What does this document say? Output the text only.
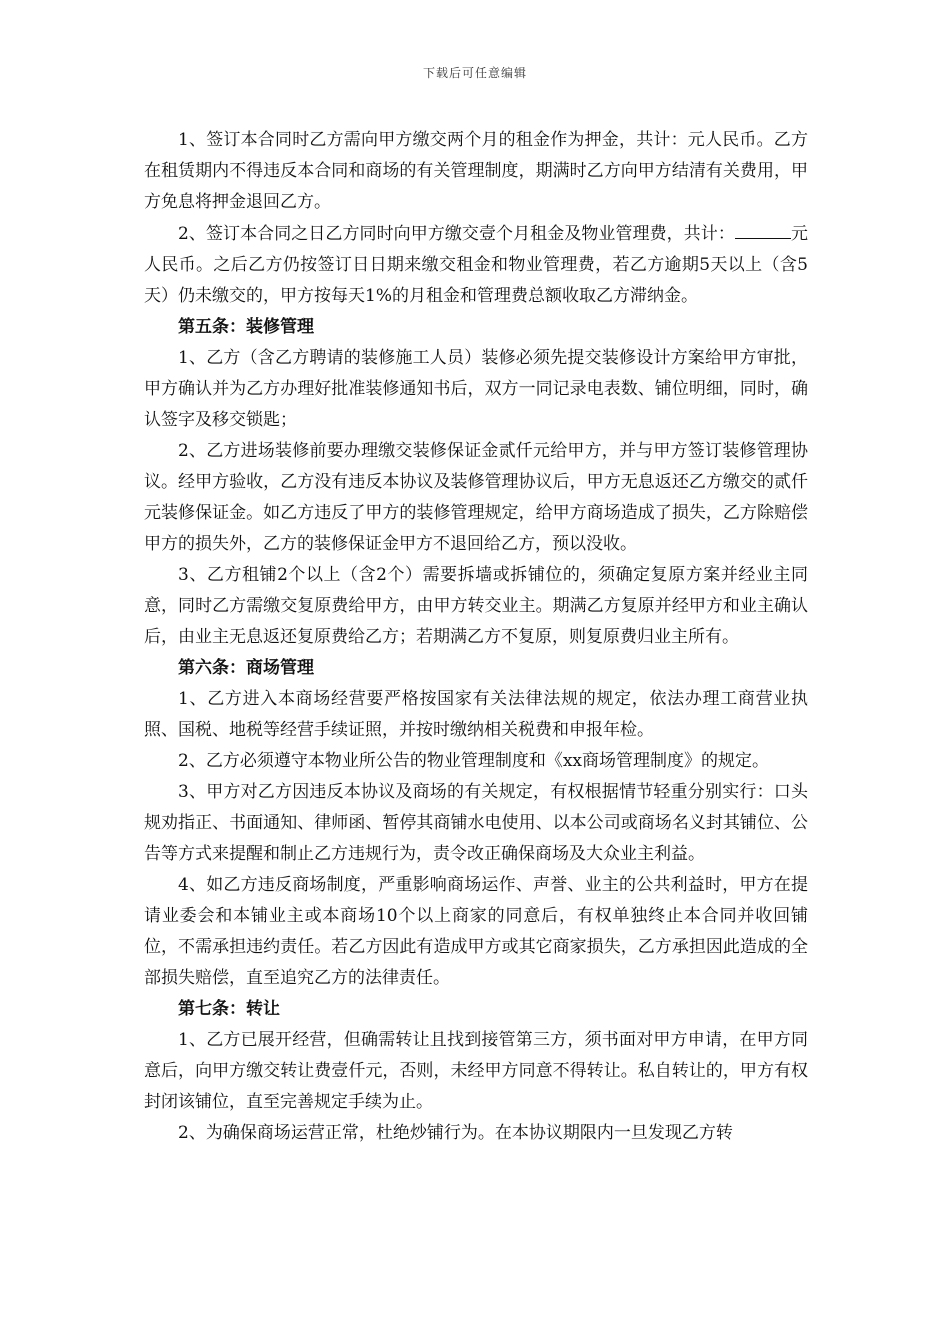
下载后可任意编辑

1、签订本合同时乙方需向甲方缴交两个月的租金作为押金，共计：元人民币。乙方在租赁期内不得违反本合同和商场的有关管理制度，期满时乙方向甲方结清有关费用，甲方免息将押金退回乙方。

2、签订本合同之日乙方同时向甲方缴交壹个月租金及物业管理费，共计：	元人民币。之后乙方仍按签订日日期来缴交租金和物业管理费，若乙方逾期5天以上（含5天）仍未缴交的，甲方按每天1%的月租金和管理费总额收取乙方滞纳金。

第五条：装修管理

1、乙方（含乙方聘请的装修施工人员）装修必须先提交装修设计方案给甲方审批，甲方确认并为乙方办理好批准装修通知书后，双方一同记录电表数、铺位明细，同时，确认签字及移交锁匙；

2、乙方进场装修前要办理缴交装修保证金贰仟元给甲方，并与甲方签订装修管理协议。经甲方验收，乙方没有违反本协议及装修管理协议后，甲方无息返还乙方缴交的贰仟元装修保证金。如乙方违反了甲方的装修管理规定，给甲方商场造成了损失，乙方除赔偿甲方的损失外，乙方的装修保证金甲方不退回给乙方，预以没收。

3、乙方租铺2个以上（含2个）需要拆墙或拆铺位的，须确定复原方案并经业主同意，同时乙方需缴交复原费给甲方，由甲方转交业主。期满乙方复原并经甲方和业主确认后，由业主无息返还复原费给乙方；若期满乙方不复原，则复原费归业主所有。

第六条：商场管理

1、乙方进入本商场经营要严格按国家有关法律法规的规定，依法办理工商营业执照、国税、地税等经营手续证照，并按时缴纳相关税费和申报年检。

2、乙方必须遵守本物业所公告的物业管理制度和《xx商场管理制度》的规定。

3、甲方对乙方因违反本协议及商场的有关规定，有权根据情节轻重分别实行：口头规劝指正、书面通知、律师函、暂停其商铺水电使用、以本公司或商场名义封其铺位、公告等方式来提醒和制止乙方违规行为，责令改正确保商场及大众业主利益。

4、如乙方违反商场制度，严重影响商场运作、声誉、业主的公共利益时，甲方在提请业委会和本铺业主或本商场10个以上商家的同意后，有权单独终止本合同并收回铺位，不需承担违约责任。若乙方因此有造成甲方或其它商家损失，乙方承担因此造成的全部损失赔偿，直至追究乙方的法律责任。

第七条：转让

1、乙方已展开经营，但确需转让且找到接管第三方，须书面对甲方申请，在甲方同意后，向甲方缴交转让费壹仟元，否则，未经甲方同意不得转让。私自转让的，甲方有权封闭该铺位，直至完善规定手续为止。

2、为确保商场运营正常，杜绝炒铺行为。在本协议期限内一旦发现乙方转
